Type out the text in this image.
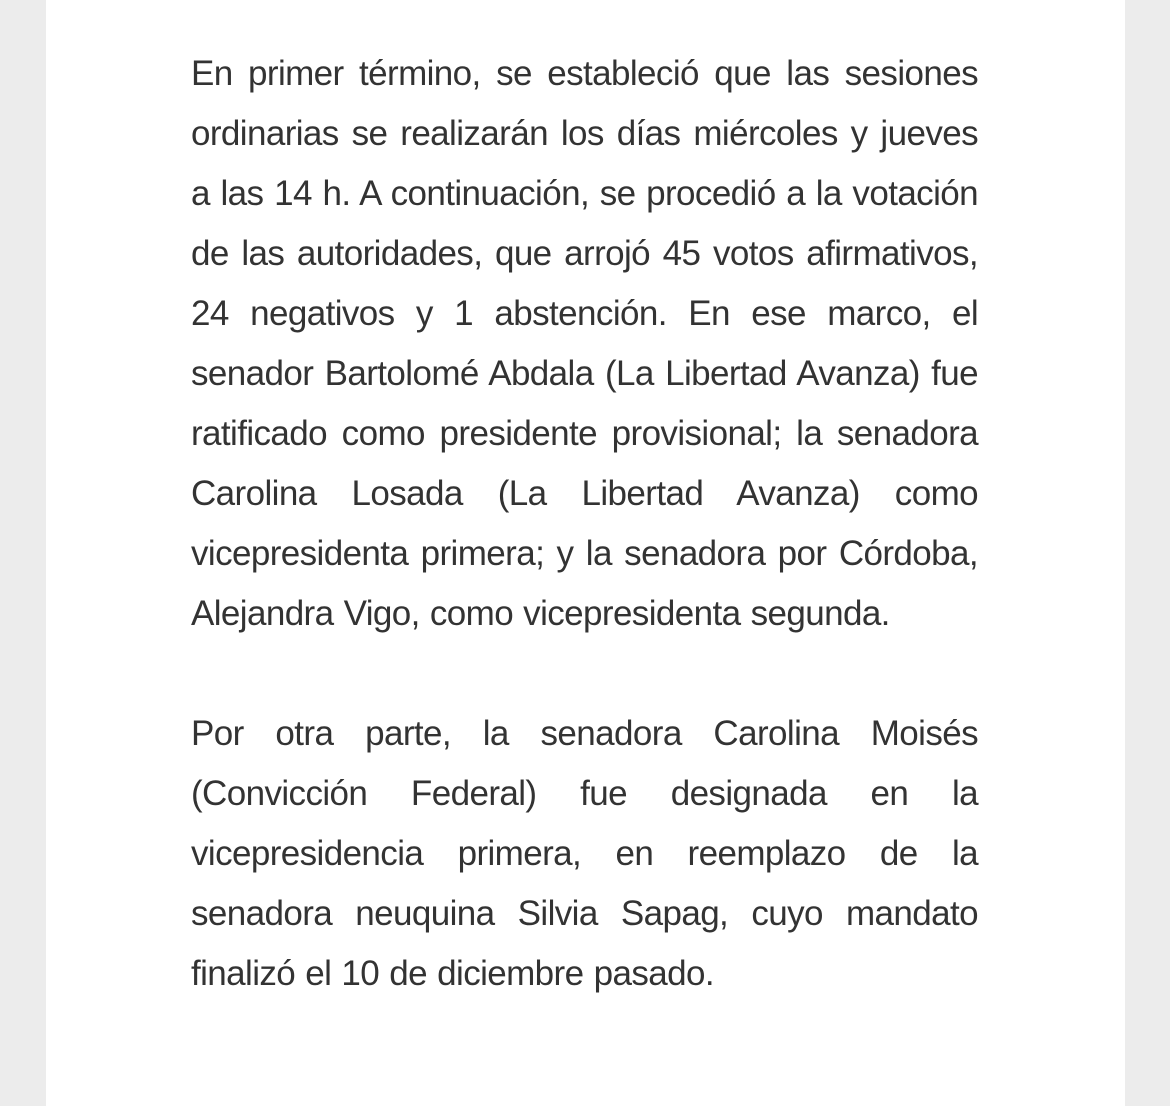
En primer término, se estableció que las sesiones ordinarias se realizarán los días miércoles y jueves a las 14 h. A continuación, se procedió a la votación de las autoridades, que arrojó 45 votos afirmativos, 24 negativos y 1 abstención. En ese marco, el senador Bartolomé Abdala (La Libertad Avanza) fue ratificado como presidente provisional; la senadora Carolina Losada (La Libertad Avanza) como vicepresidenta primera; y la senadora por Córdoba, Alejandra Vigo, como vicepresidenta segunda.

Por otra parte, la senadora Carolina Moisés (Convicción Federal) fue designada en la vicepresidencia primera, en reemplazo de la senadora neuquina Silvia Sapag, cuyo mandato finalizó el 10 de diciembre pasado.
